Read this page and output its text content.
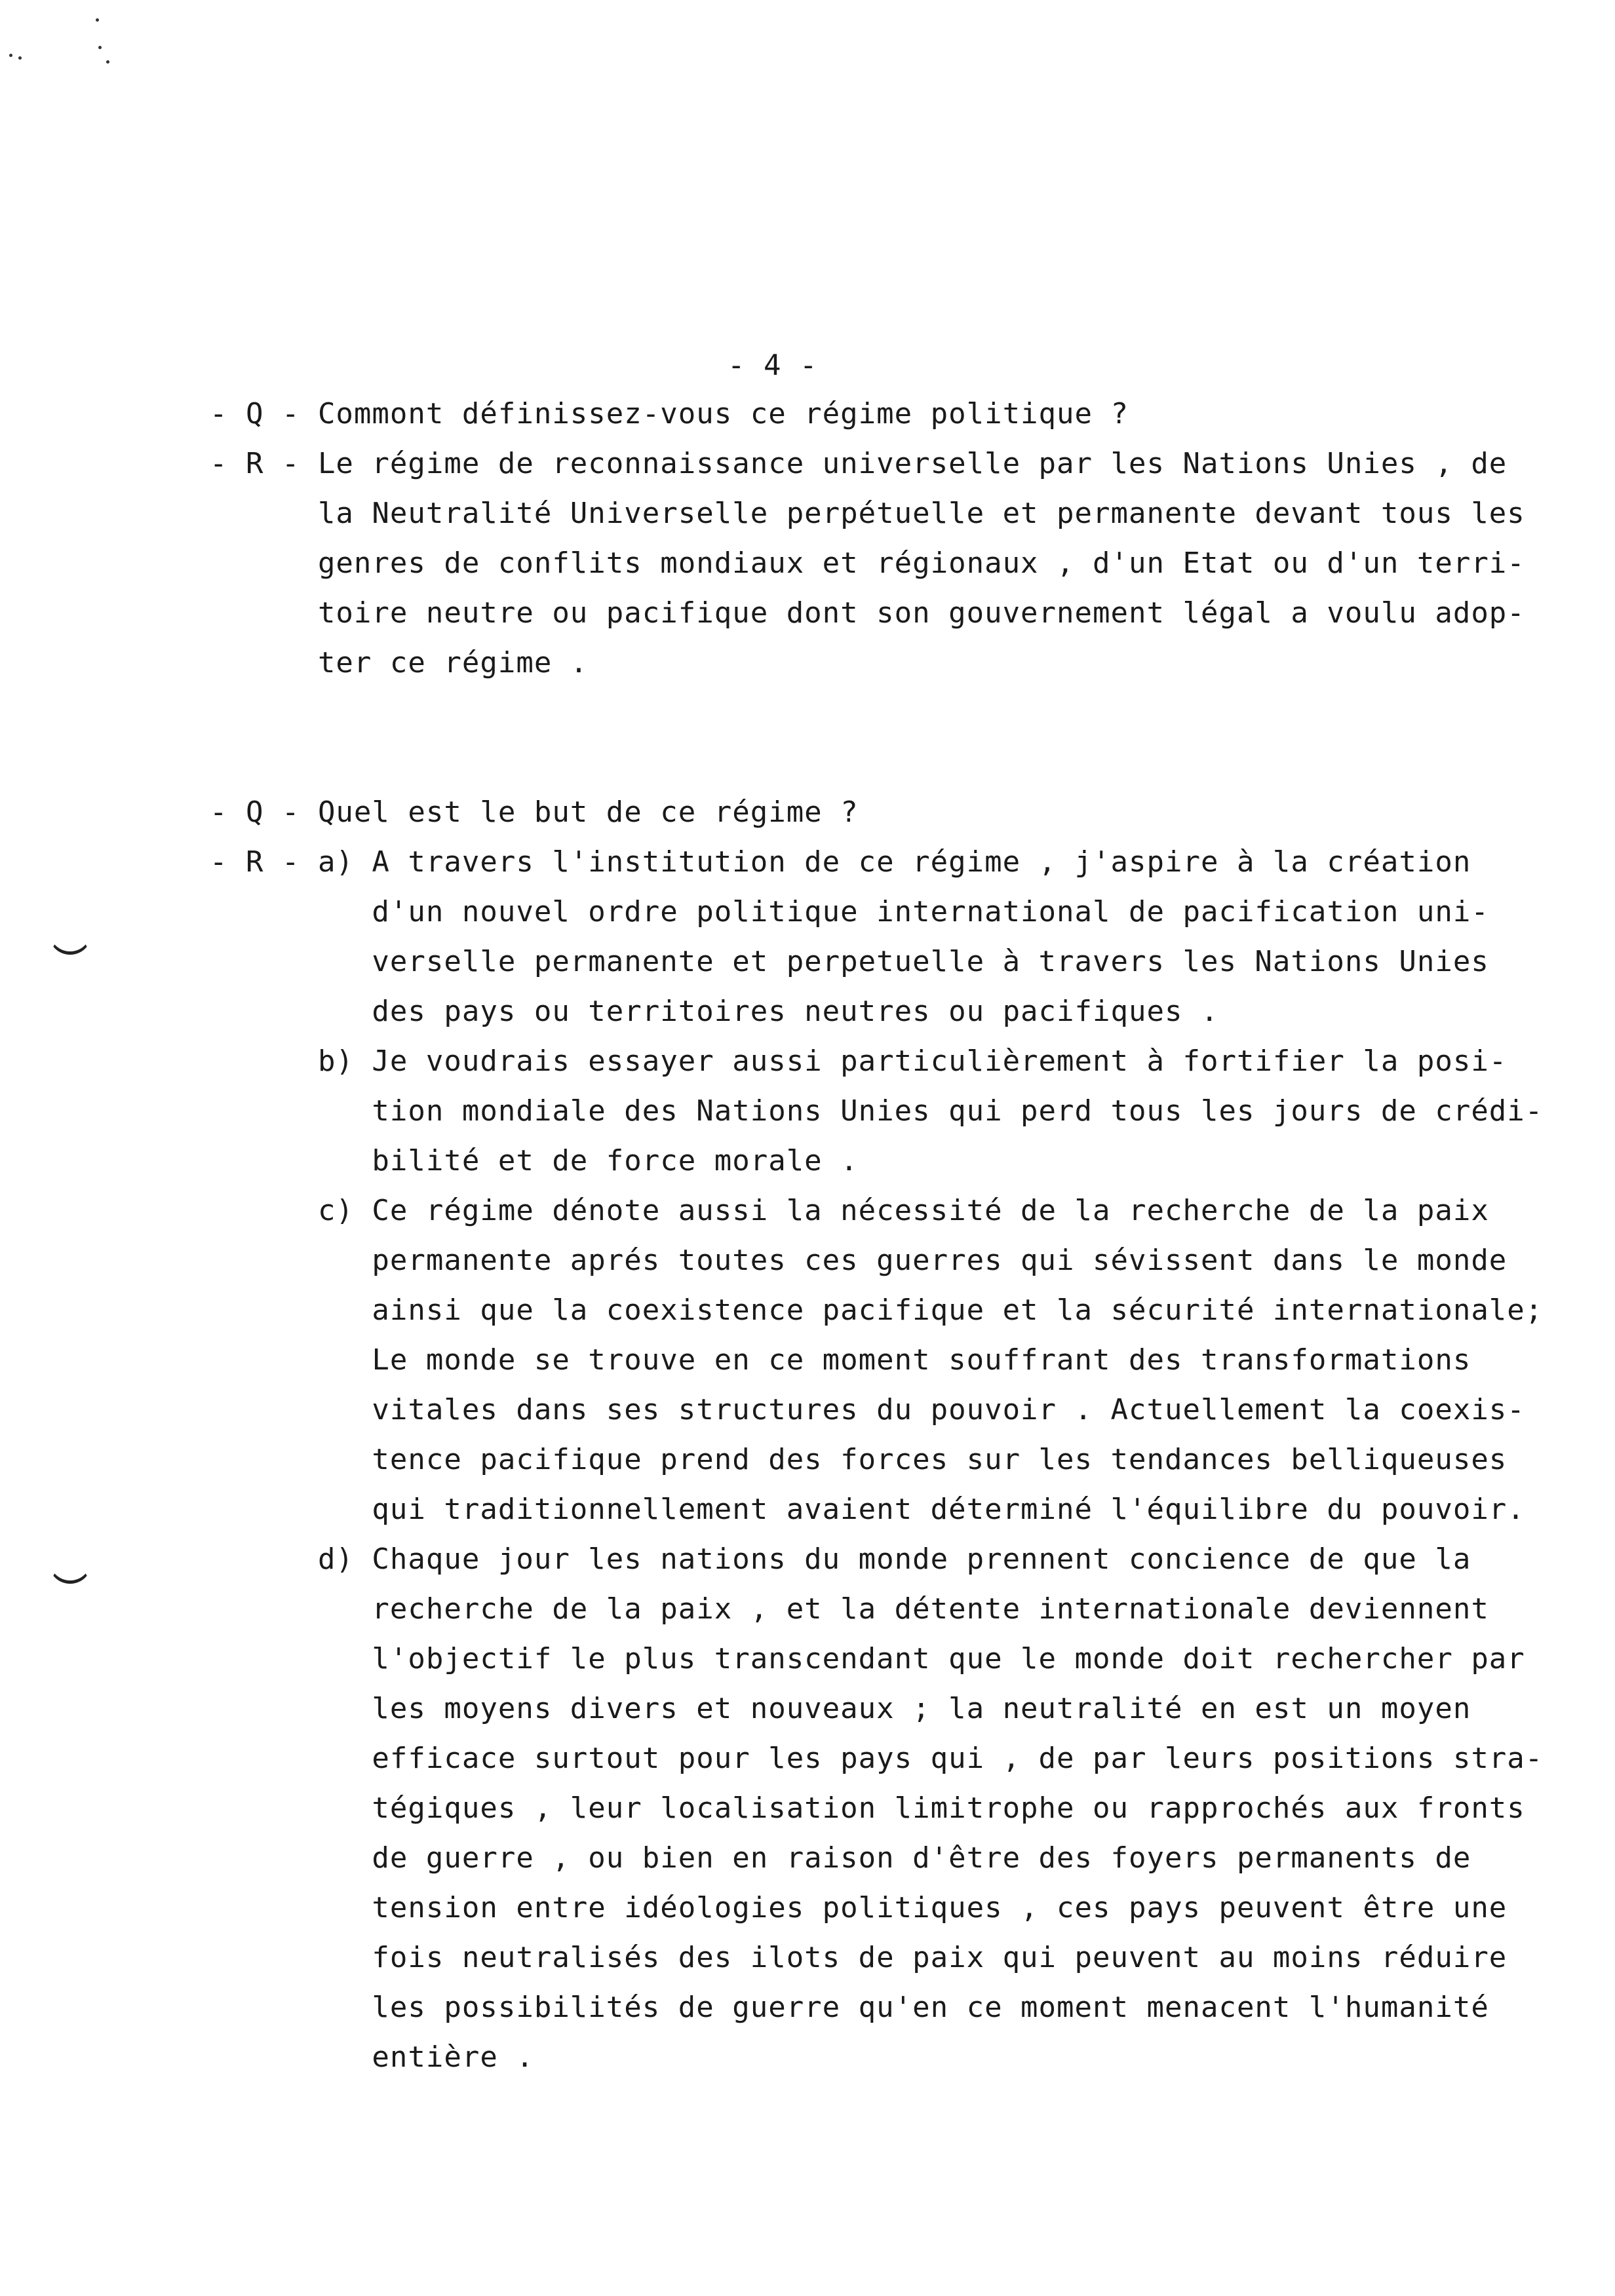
- 4 -
- Q - Commont définissez-vous ce régime politique ?
- R - Le régime de reconnaissance universelle par les Nations Unies , de
la Neutralité Universelle perpétuelle et permanente devant tous les
genres de conflits mondiaux et régionaux , d'un Etat ou d'un terri-
toire neutre ou pacifique dont son gouvernement légal a voulu adop-
ter ce régime .
- Q - Quel est le but de ce régime ?
- R - a) A travers l'institution de ce régime , j'aspire à la création
d'un nouvel ordre politique international de pacification uni-
verselle permanente et perpetuelle à travers les Nations Unies
des pays ou territoires neutres ou pacifiques .
b) Je voudrais essayer aussi particulièrement à fortifier la posi-
tion mondiale des Nations Unies qui perd tous les jours de crédi-
bilité et de force morale .
c) Ce régime dénote aussi la nécessité de la recherche de la paix
permanente aprés toutes ces guerres qui sévissent dans le monde
ainsi que la coexistence pacifique et la sécurité internationale;
Le monde se trouve en ce moment souffrant des transformations
vitales dans ses structures du pouvoir . Actuellement la coexis-
tence pacifique prend des forces sur les tendances belliqueuses
qui traditionnellement avaient déterminé l'équilibre du pouvoir.
d) Chaque jour les nations du monde prennent concience de que la
recherche de la paix , et la détente internationale deviennent
l'objectif le plus transcendant que le monde doit rechercher par
les moyens divers et nouveaux ; la neutralité en est un moyen
efficace surtout pour les pays qui , de par leurs positions stra-
tégiques , leur localisation limitrophe ou rapprochés aux fronts
de guerre , ou bien en raison d'être des foyers permanents de
tension entre idéologies politiques , ces pays peuvent être une
fois neutralisés des ilots de paix qui peuvent au moins réduire
les possibilités de guerre qu'en ce moment menacent l'humanité
entière .
